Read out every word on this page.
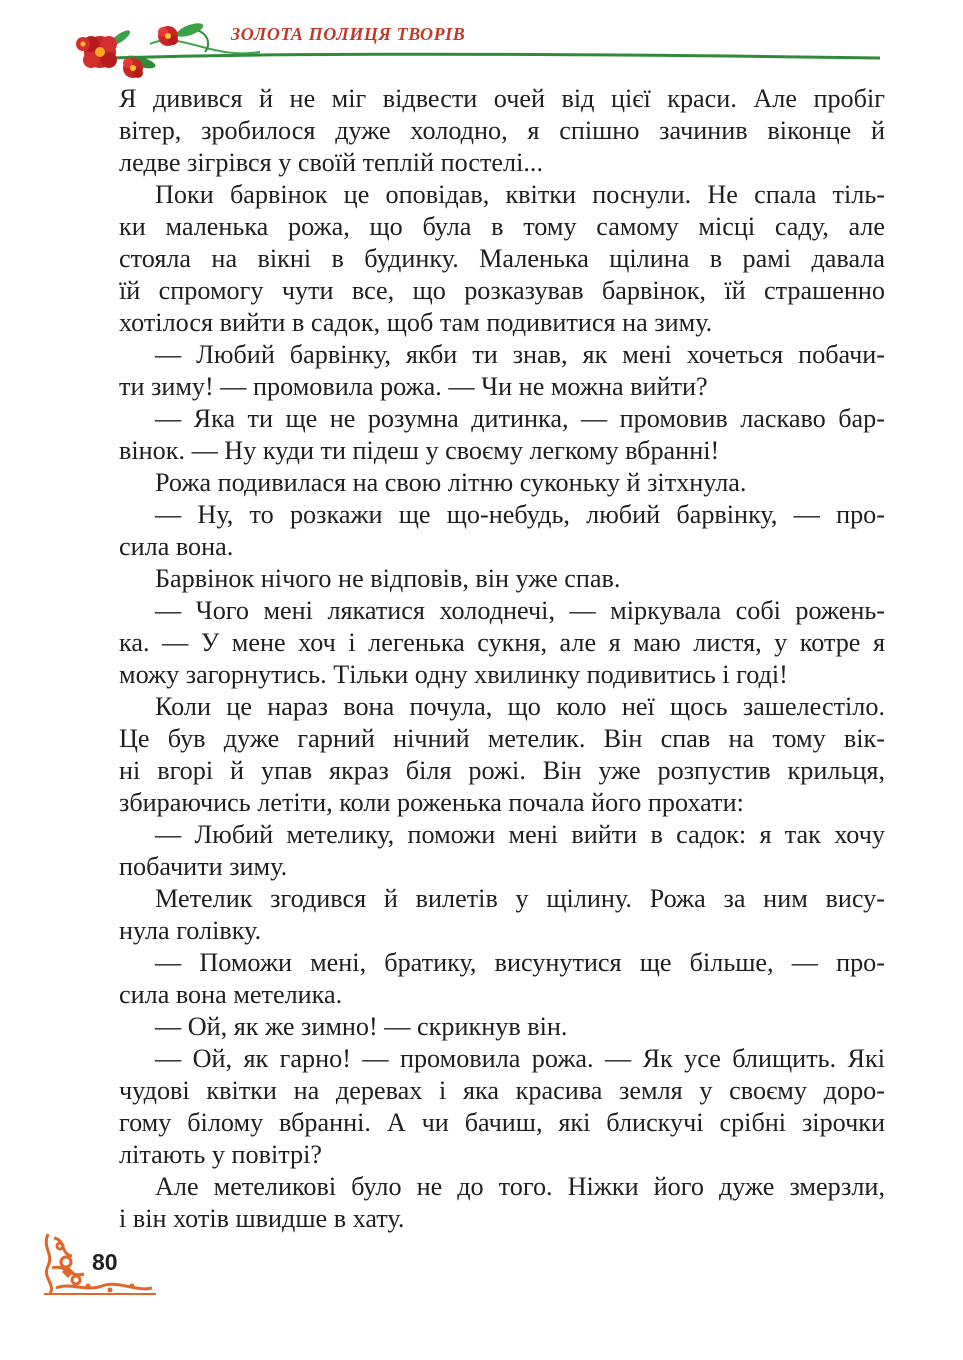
ЗОЛОТА ПОЛИЦЯ ТВОРІВ
Я дивився й не міг відвести очей від цієї краси. Але пробіг
вітер, зробилося дуже холодно, я спішно зачинив віконце й
ледве зігрівся у своїй теплій постелі...
Поки барвінок це оповідав, квітки поснули. Не спала тіль-
ки маленька рожа, що була в тому самому місці саду, але
стояла на вікні в будинку. Маленька щілина в рамі давала
їй спромогу чути все, що розказував барвінок, їй страшенно
хотілося вийти в садок, щоб там подивитися на зиму.
— Любий барвінку, якби ти знав, як мені хочеться побачи-
ти зиму! — промовила рожа. — Чи не можна вийти?
— Яка ти ще не розумна дитинка, — промовив ласкаво бар-
вінок. — Ну куди ти підеш у своєму легкому вбранні!
Рожа подивилася на свою літню суконьку й зітхнула.
— Ну, то розкажи ще що-небудь, любий барвінку, — про-
сила вона.
Барвінок нічого не відповів, він уже спав.
— Чого мені лякатися холоднечі, — міркувала собі рожень-
ка. — У мене хоч і легенька сукня, але я маю листя, у котре я
можу загорнутись. Тільки одну хвилинку подивитись і годі!
Коли це нараз вона почула, що коло неї щось зашелестіло.
Це був дуже гарний нічний метелик. Він спав на тому вік-
ні вгорі й упав якраз біля рожі. Він уже розпустив крильця,
збираючись летіти, коли роженька почала його прохати:
— Любий метелику, поможи мені вийти в садок: я так хочу
побачити зиму.
Метелик згодився й вилетів у щілину. Рожа за ним вису-
нула голівку.
— Поможи мені, братику, висунутися ще більше, — про-
сила вона метелика.
— Ой, як же зимно! — скрикнув він.
— Ой, як гарно! — промовила рожа. — Як усе блищить. Які
чудові квітки на деревах і яка красива земля у своєму доро-
гому білому вбранні. А чи бачиш, які блискучі срібні зірочки
літають у повітрі?
Але метеликові було не до того. Ніжки його дуже змерзли,
і він хотів швидше в хату.
80
